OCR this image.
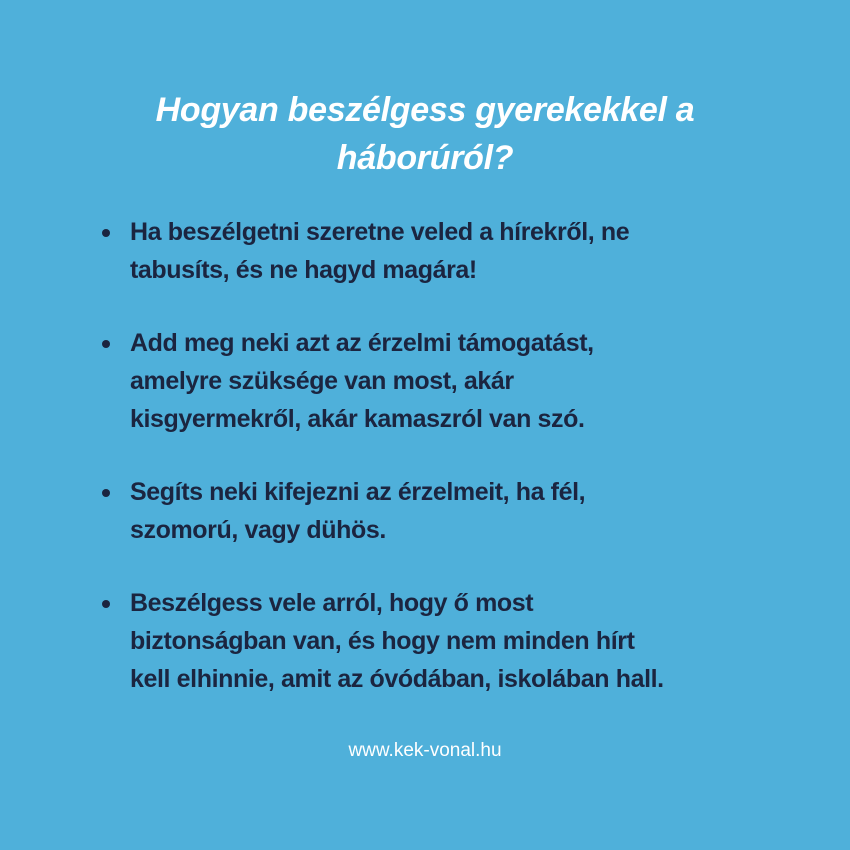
Hogyan beszélgess gyerekekkel a
háborúról?
Ha beszélgetni szeretne veled a hírekről, ne
tabusíts, és ne hagyd magára!
Add meg neki azt az érzelmi támogatást,
amelyre szüksége van most, akár
kisgyermekről, akár kamaszról van szó.
Segíts neki kifejezni az érzelmeit, ha fél,
szomorú, vagy dühös.
Beszélgess vele arról, hogy ő most
biztonságban van, és hogy nem minden hírt
kell elhinnie, amit az óvódában, iskolában hall.
www.kek-vonal.hu
